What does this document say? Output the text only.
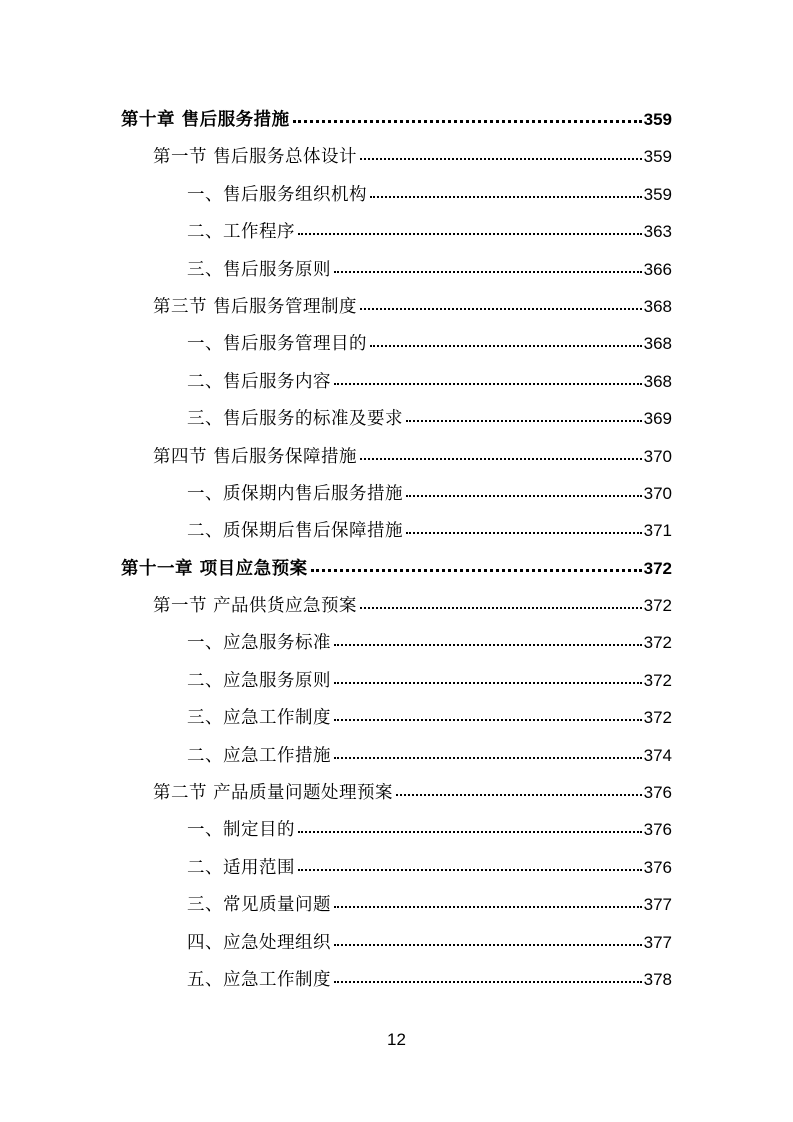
第十章 售后服务措施	359
第一节 售后服务总体设计	359
一、售后服务组织机构	359
二、工作程序	363
三、售后服务原则	366
第三节 售后服务管理制度	368
一、售后服务管理目的	368
二、售后服务内容	368
三、售后服务的标准及要求	369
第四节 售后服务保障措施	370
一、质保期内售后服务措施	370
二、质保期后售后保障措施	371
第十一章 项目应急预案	372
第一节 产品供货应急预案	372
一、应急服务标准	372
二、应急服务原则	372
三、应急工作制度	372
二、应急工作措施	374
第二节 产品质量问题处理预案	376
一、制定目的	376
二、适用范围	376
三、常见质量问题	377
四、应急处理组织	377
五、应急工作制度	378
12
